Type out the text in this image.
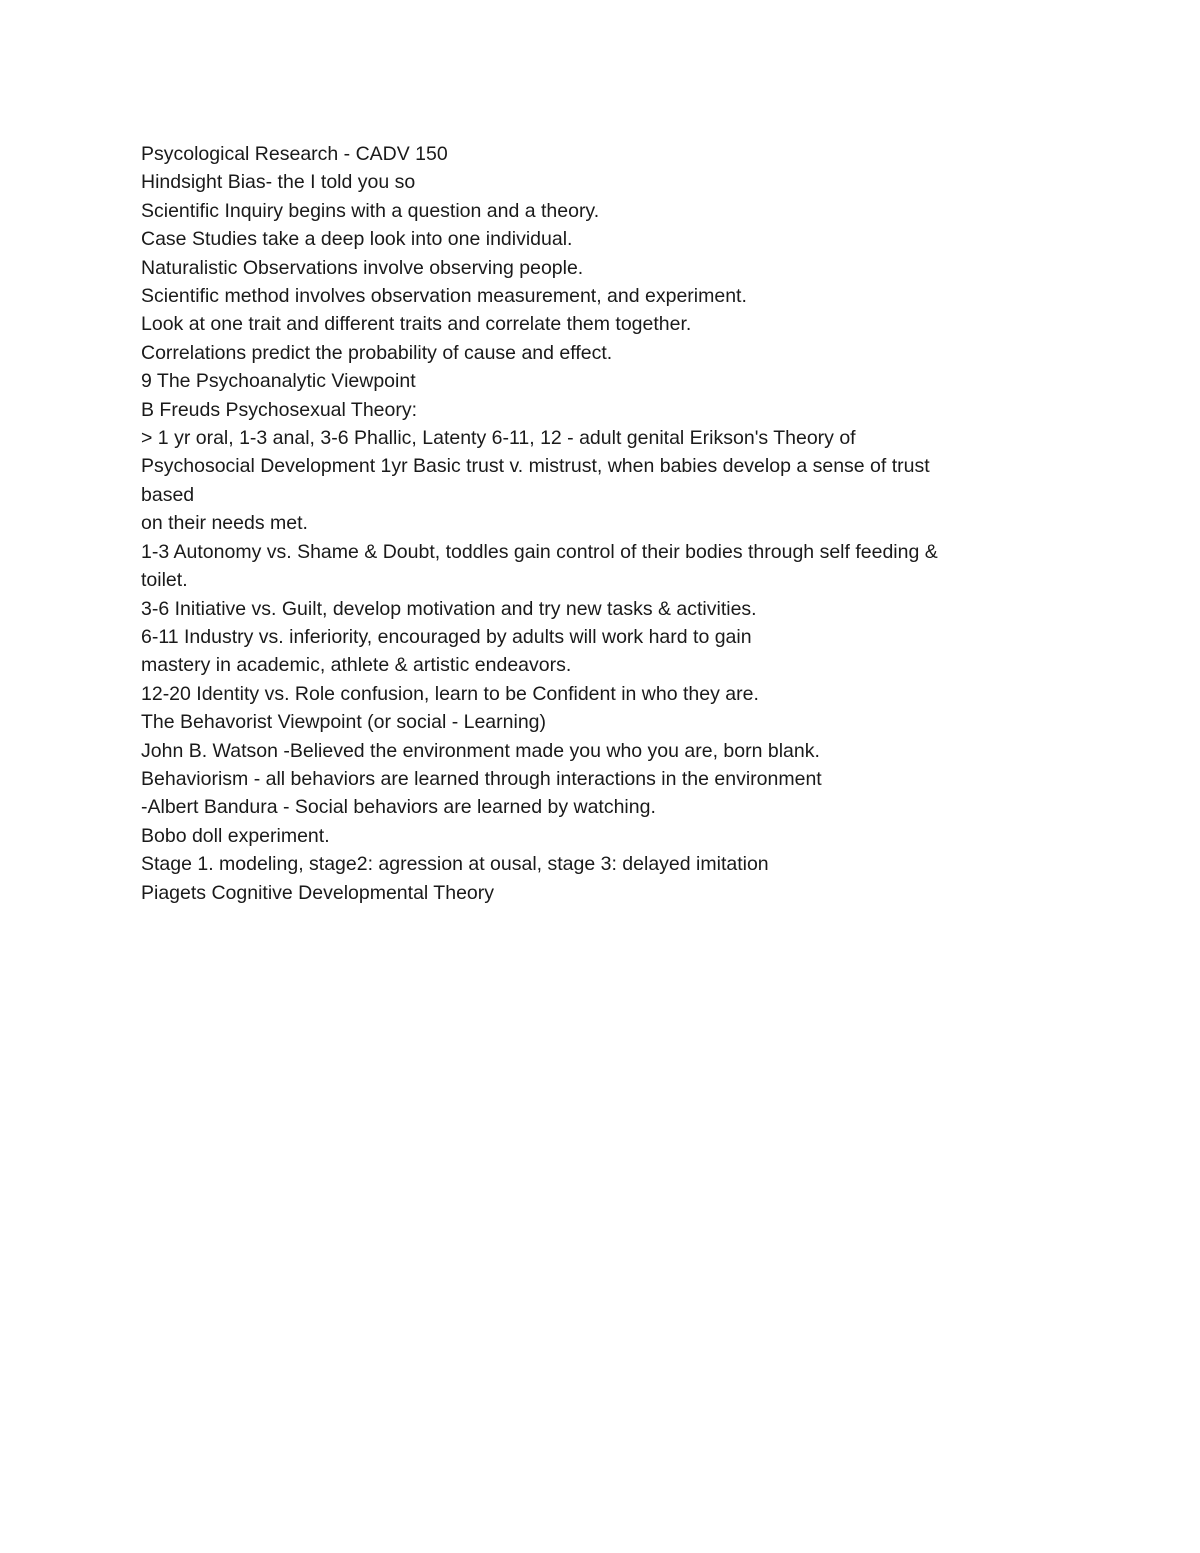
Psycological Research - CADV 150

Hindsight Bias- the I told you so

Scientific Inquiry begins with a question and a theory.

Case Studies take a deep look into one individual.

Naturalistic Observations involve observing people.

Scientific method involves observation measurement, and experiment.

Look at one trait and different traits and correlate them together.

Correlations predict the probability of cause and effect.

9 The Psychoanalytic Viewpoint

B Freuds Psychosexual Theory:

> 1 yr oral, 1-3 anal, 3-6 Phallic, Latenty 6-11, 12 - adult genital Erikson's Theory of

Psychosocial Development 1yr Basic trust v. mistrust, when babies develop a sense of trust

based

on their needs met.

1-3 Autonomy vs. Shame & Doubt, toddles gain control of their bodies through self feeding &

toilet.

3-6 Initiative vs. Guilt, develop motivation and try new tasks & activities.

6-11 Industry vs. inferiority, encouraged by adults will work hard to gain

mastery in academic, athlete & artistic endeavors.

12-20 Identity vs. Role confusion, learn to be Confident in who they are.

The Behavorist Viewpoint (or social - Learning)

John B. Watson -Believed the environment made you who you are, born blank.

Behaviorism - all behaviors are learned through interactions in the environment

-Albert Bandura - Social behaviors are learned by watching.

Bobo doll experiment.

Stage 1. modeling, stage2: agression at ousal, stage 3: delayed imitation

Piagets Cognitive Developmental Theory
